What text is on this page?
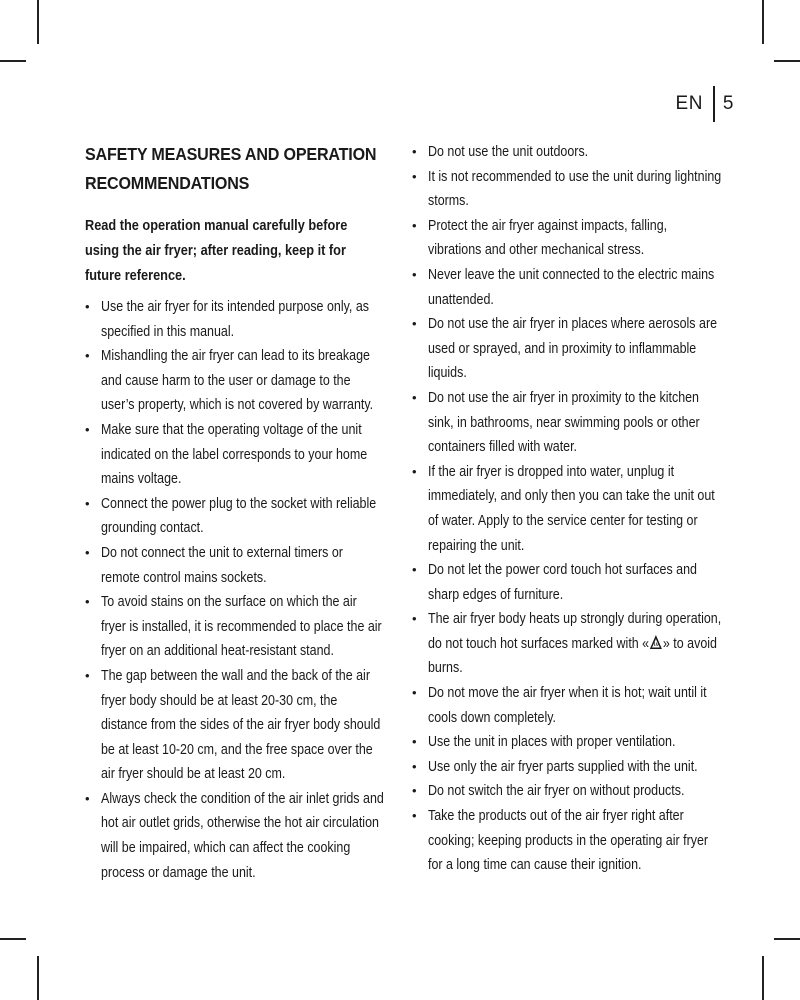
EN	5
SAFETY MEASURES AND OPERATION RECOMMENDATIONS

Read the operation manual carefully before using the air fryer; after reading, keep it for future reference.

• Use the air fryer for its intended purpose only, as specified in this manual.
• Mishandling the air fryer can lead to its breakage and cause harm to the user or damage to the user’s property, which is not covered by warranty.
• Make sure that the operating voltage of the unit indicated on the label corresponds to your home mains voltage.
• Connect the power plug to the socket with reliable grounding contact.
• Do not connect the unit to external timers or remote control mains sockets.
• To avoid stains on the surface on which the air fryer is installed, it is recommended to place the air fryer on an additional heat-resistant stand.
• The gap between the wall and the back of the air fryer body should be at least 20-30 cm, the distance from the sides of the air fryer body should be at least 10-20 cm, and the free space over the air fryer should be at least 20 cm.
• Always check the condition of the air inlet grids and hot air outlet grids, otherwise the hot air circulation will be impaired, which can affect the cooking process or damage the unit.
• Do not use the unit outdoors.
• It is not recommended to use the unit during lightning storms.
• Protect the air fryer against impacts, falling, vibrations and other mechanical stress.
• Never leave the unit connected to the electric mains unattended.
• Do not use the air fryer in places where aerosols are used or sprayed, and in proximity to inflammable liquids.
• Do not use the air fryer in proximity to the kitchen sink, in bathrooms, near swimming pools or other containers filled with water.
• If the air fryer is dropped into water, unplug it immediately, and only then you can take the unit out of water. Apply to the service center for testing or repairing the unit.
• Do not let the power cord touch hot surfaces and sharp edges of furniture.
• The air fryer body heats up strongly during operation, do not touch hot surfaces marked with « » to avoid burns.
• Do not move the air fryer when it is hot; wait until it cools down completely.
• Use the unit in places with proper ventilation.
• Use only the air fryer parts supplied with the unit.
• Do not switch the air fryer on without products.
• Take the products out of the air fryer right after cooking; keeping products in the operating air fryer for a long time can cause their ignition.
